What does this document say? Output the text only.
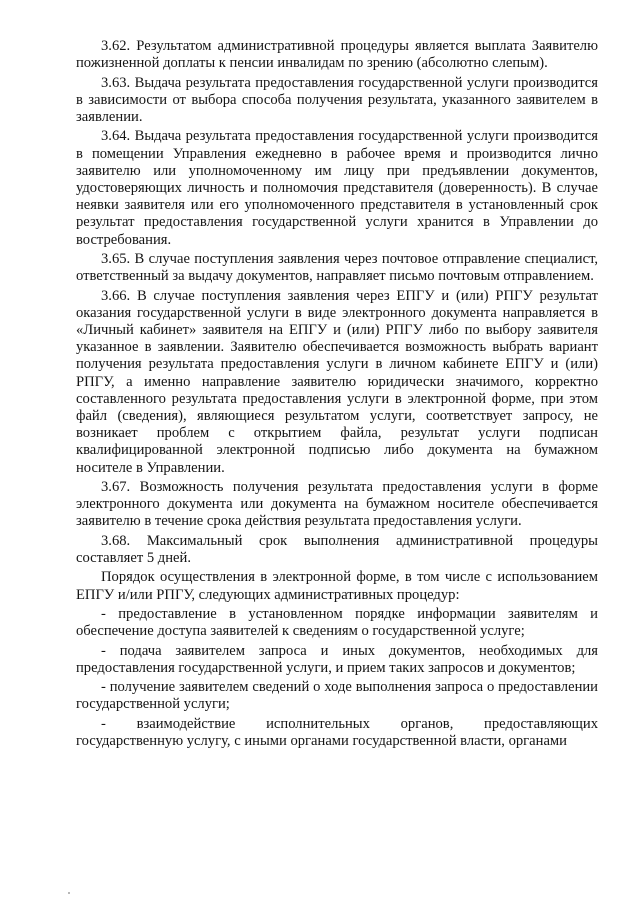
3.62. Результатом административной процедуры является выплата Заявителю пожизненной доплаты к пенсии инвалидам по зрению (абсолютно слепым).

3.63. Выдача результата предоставления государственной услуги производится в зависимости от выбора способа получения результата, указанного заявителем в заявлении.

3.64. Выдача результата предоставления государственной услуги производится в помещении Управления ежедневно в рабочее время и производится лично заявителю или уполномоченному им лицу при предъявлении документов, удостоверяющих личность и полномочия представителя (доверенность). В случае неявки заявителя или его уполномоченного представителя в установленный срок результат предоставления государственной услуги хранится в Управлении до востребования.

3.65. В случае поступления заявления через почтовое отправление специалист, ответственный за выдачу документов, направляет письмо почтовым отправлением.

3.66. В случае поступления заявления через ЕПГУ и (или) РПГУ результат оказания государственной услуги в виде электронного документа направляется в «Личный кабинет» заявителя на ЕПГУ и (или) РПГУ либо по выбору заявителя указанное в заявлении. Заявителю обеспечивается возможность выбрать вариант получения результата предоставления услуги в личном кабинете ЕПГУ и (или) РПГУ, а именно направление заявителю юридически значимого, корректно составленного результата предоставления услуги в электронной форме, при этом файл (сведения), являющиеся результатом услуги, соответствует запросу, не возникает проблем с открытием файла, результат услуги подписан квалифицированной электронной подписью либо документа на бумажном носителе в Управлении.

3.67. Возможность получения результата предоставления услуги в форме электронного документа или документа на бумажном носителе обеспечивается заявителю в течение срока действия результата предоставления услуги.

3.68. Максимальный срок выполнения административной процедуры составляет 5 дней.

Порядок осуществления в электронной форме, в том числе с использованием ЕПГУ и/или РПГУ, следующих административных процедур:

- предоставление в установленном порядке информации заявителям и обеспечение доступа заявителей к сведениям о государственной услуге;

- подача заявителем запроса и иных документов, необходимых для предоставления государственной услуги, и прием таких запросов и документов;

- получение заявителем сведений о ходе выполнения запроса о предоставлении государственной услуги;

- взаимодействие исполнительных органов, предоставляющих государственную услугу, с иными органами государственной власти, органами
